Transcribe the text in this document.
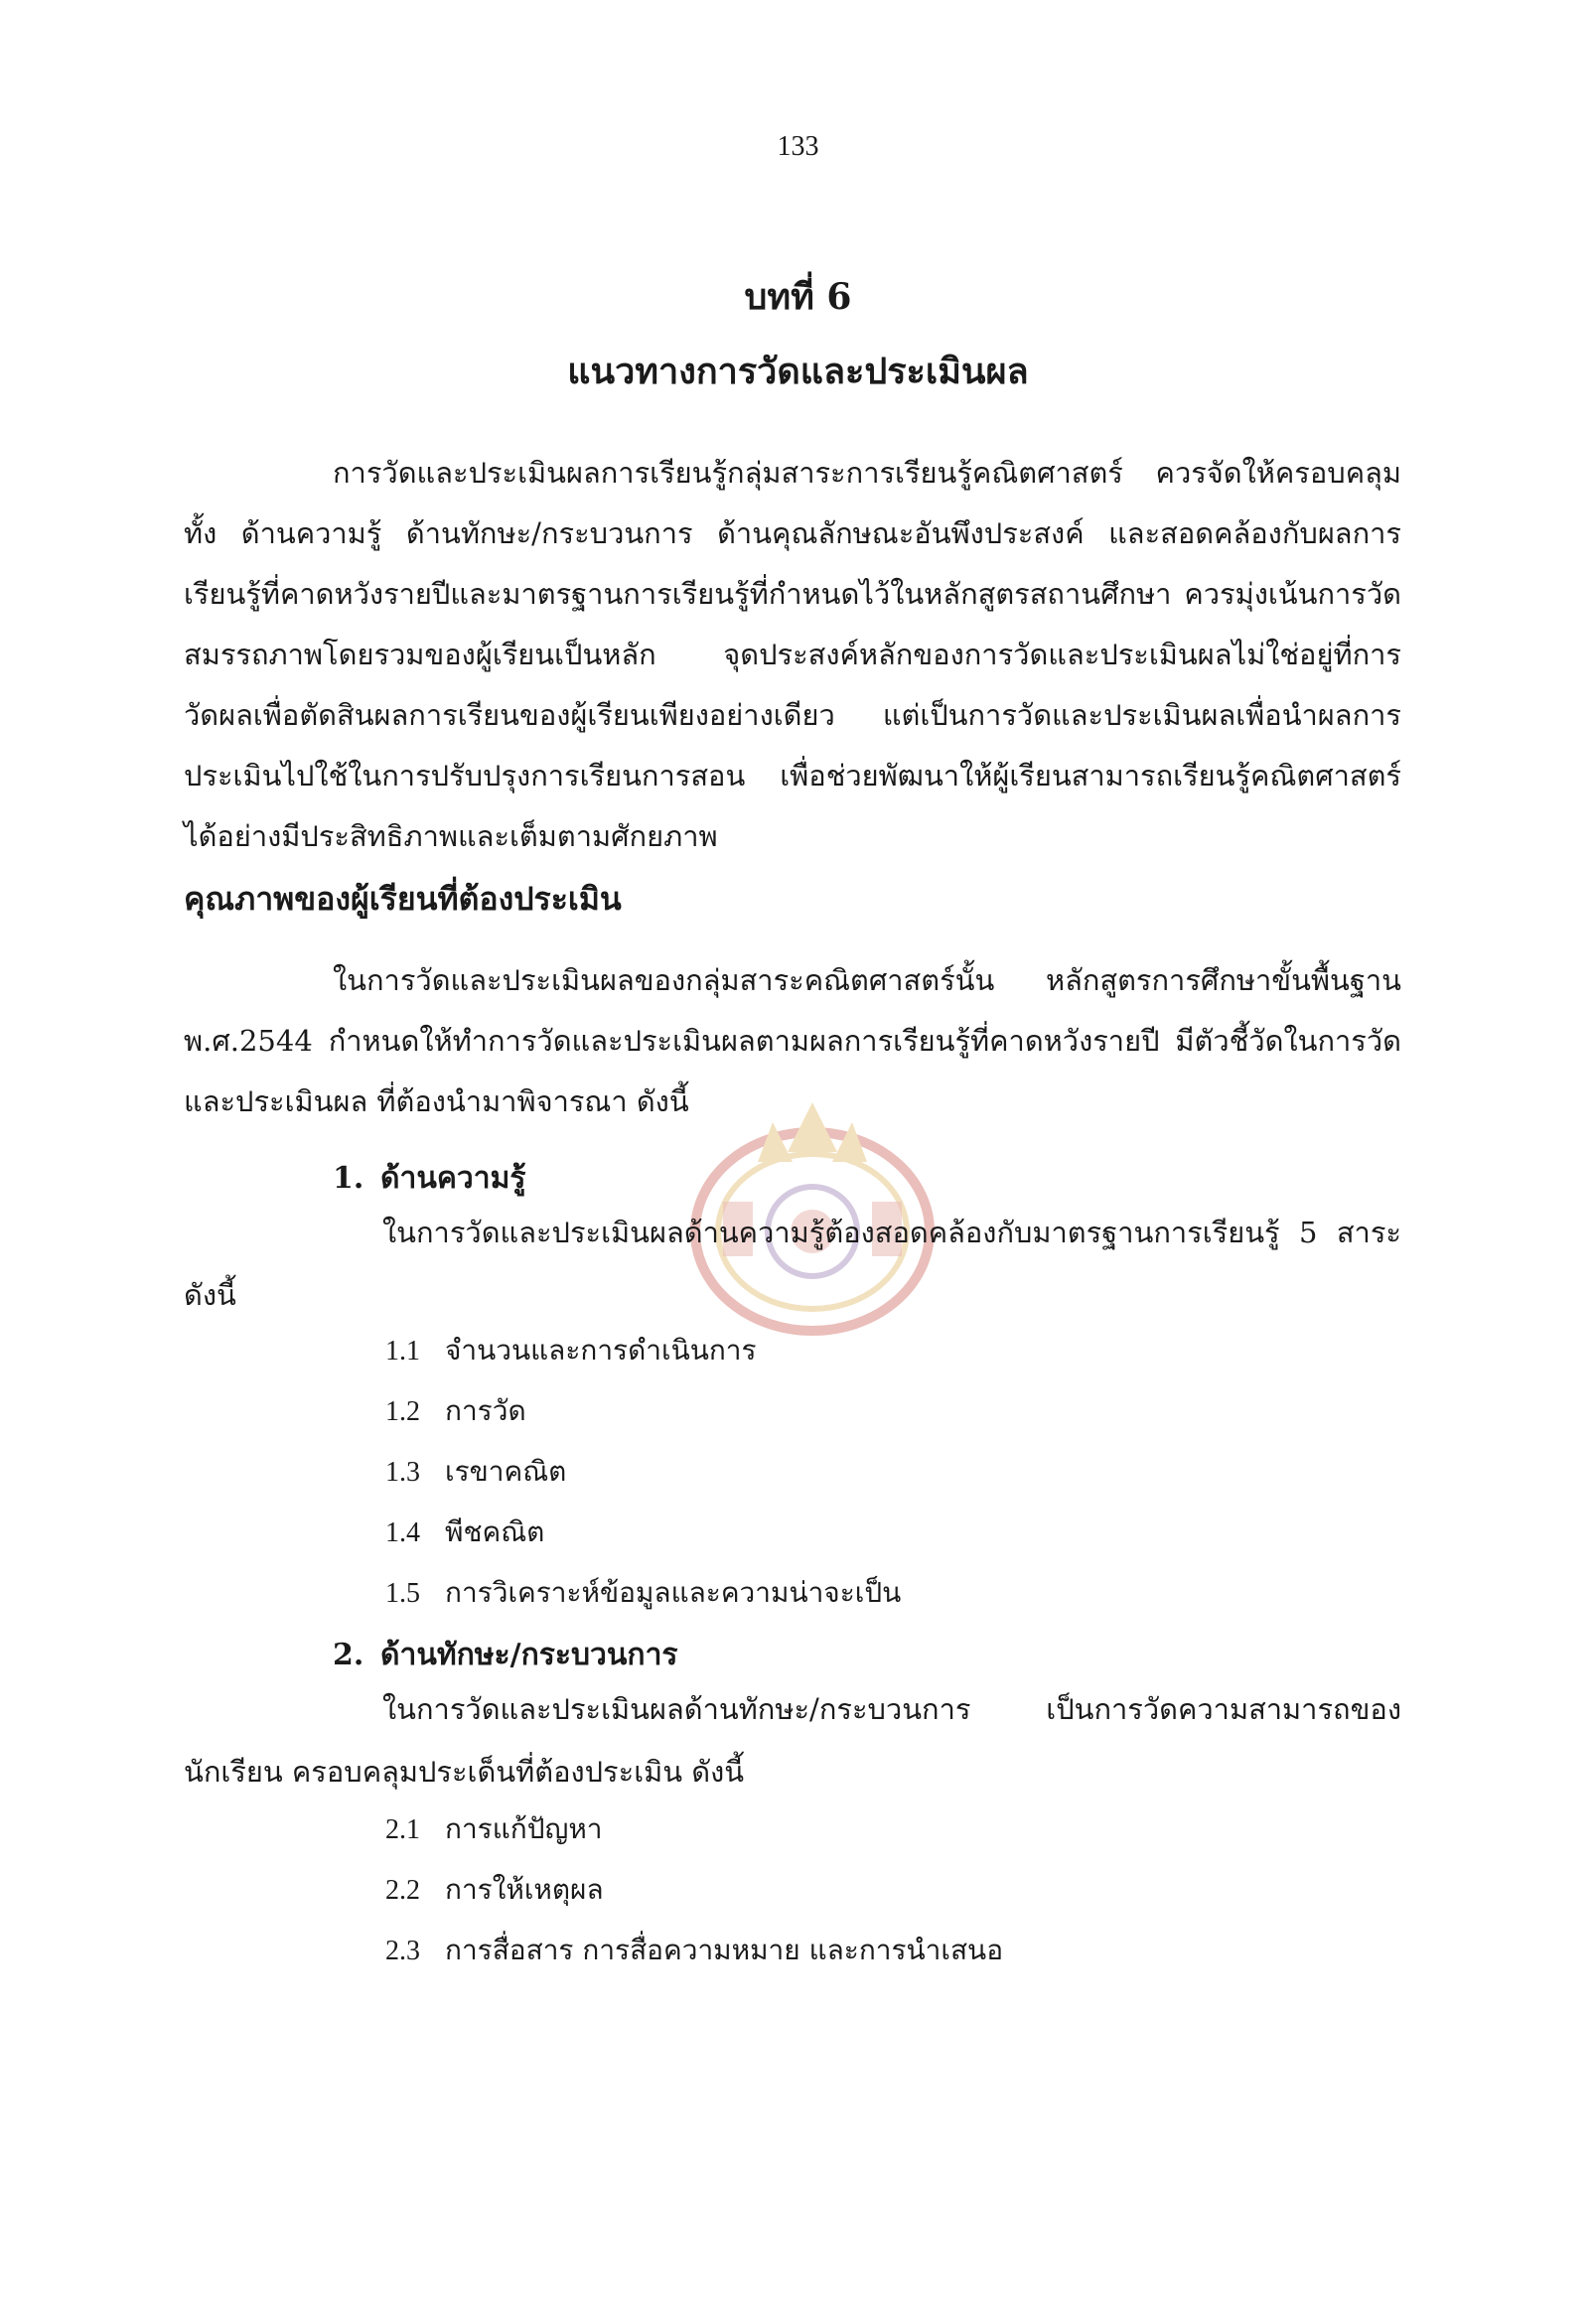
133
บทที่ 6
แนวทางการวัดและประเมินผล
การวัดและประเมินผลการเรียนรู้กลุ่มสาระการเรียนรู้คณิตศาสตร์ ควรจัดให้ครอบคลุมทั้ง ด้านความรู้ ด้านทักษะ/กระบวนการ ด้านคุณลักษณะอันพึงประสงค์ และสอดคล้องกับผลการเรียนรู้ที่คาดหวังรายปีและมาตรฐานการเรียนรู้ที่กำหนดไว้ในหลักสูตรสถานศึกษา ควรมุ่งเน้นการวัดสมรรถภาพโดยรวมของผู้เรียนเป็นหลัก จุดประสงค์หลักของการวัดและประเมินผลไม่ใช่อยู่ที่การวัดผลเพื่อตัดสินผลการเรียนของผู้เรียนเพียงอย่างเดียว แต่เป็นการวัดและประเมินผลเพื่อนำผลการประเมินไปใช้ในการปรับปรุงการเรียนการสอน เพื่อช่วยพัฒนาให้ผู้เรียนสามารถเรียนรู้คณิตศาสตร์ได้อย่างมีประสิทธิภาพและเต็มตามศักยภาพ
คุณภาพของผู้เรียนที่ต้องประเมิน
ในการวัดและประเมินผลของกลุ่มสาระคณิตศาสตร์นั้น หลักสูตรการศึกษาขั้นพื้นฐาน พ.ศ.2544 กำหนดให้ทำการวัดและประเมินผลตามผลการเรียนรู้ที่คาดหวังรายปี มีตัวชี้วัดในการวัดและประเมินผล ที่ต้องนำมาพิจารณา ดังนี้
1. ด้านความรู้
ในการวัดและประเมินผลด้านความรู้ต้องสอดคล้องกับมาตรฐานการเรียนรู้ 5 สาระ ดังนี้
1.1 จำนวนและการดำเนินการ
1.2 การวัด
1.3 เรขาคณิต
1.4 พีชคณิต
1.5 การวิเคราะห์ข้อมูลและความน่าจะเป็น
2. ด้านทักษะ/กระบวนการ
ในการวัดและประเมินผลด้านทักษะ/กระบวนการ เป็นการวัดความสามารถของนักเรียน ครอบคลุมประเด็นที่ต้องประเมิน ดังนี้
2.1 การแก้ปัญหา
2.2 การให้เหตุผล
2.3 การสื่อสาร การสื่อความหมาย และการนำเสนอ
